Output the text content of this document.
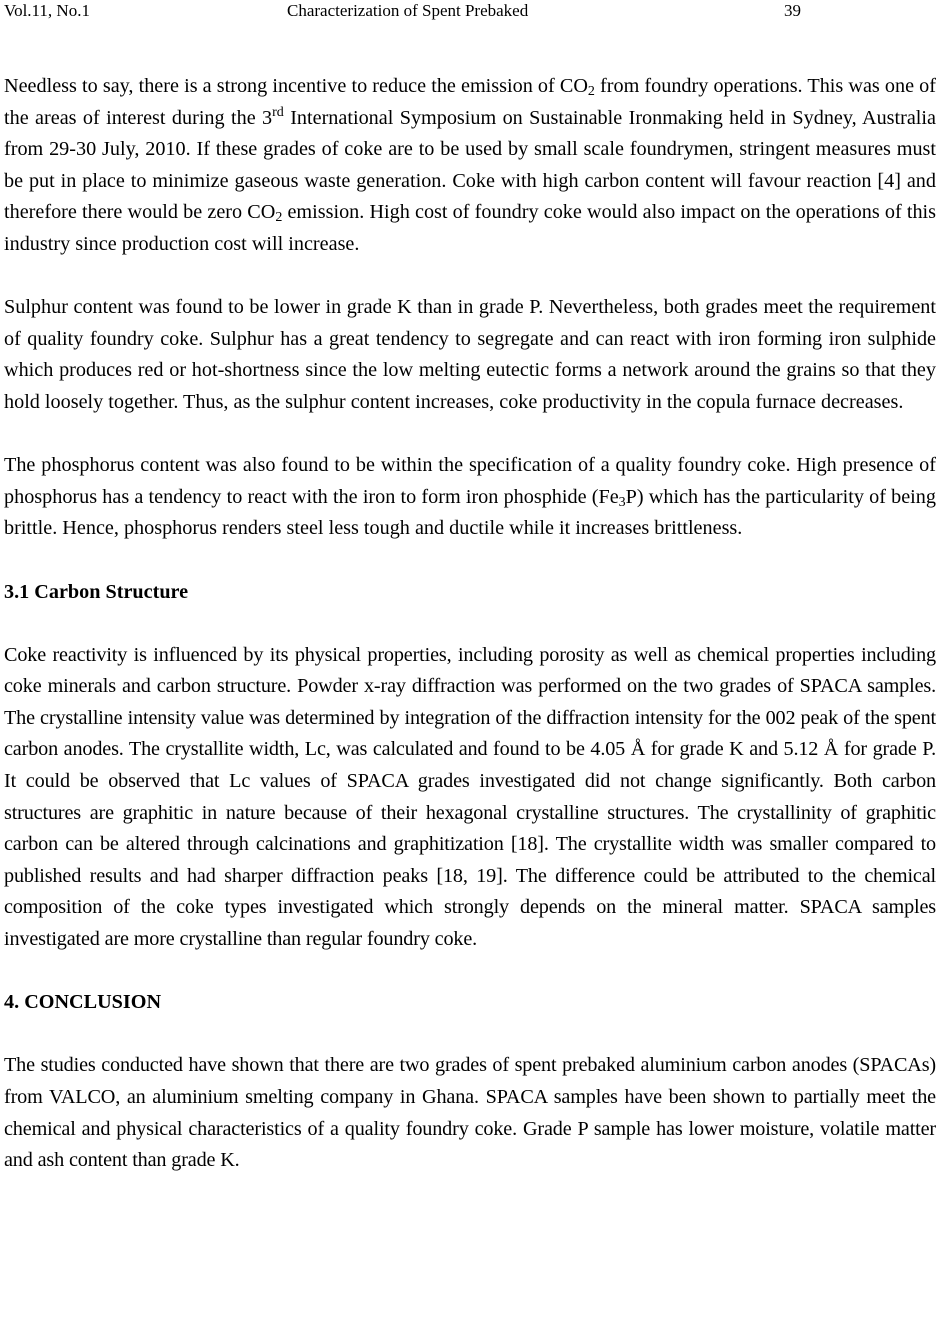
Vol.11, No.1	Characterization of Spent Prebaked	39

Needless to say, there is a strong incentive to reduce the emission of $CO_2$ from foundry operations. This was one of the areas of interest during the 3rd International Symposium on Sustainable Ironmaking held in Sydney, Australia from 29-30 July, 2010. If these grades of coke are to be used by small scale foundrymen, stringent measures must be put in place to minimize gaseous waste generation. Coke with high carbon content will favour reaction [4] and therefore there would be zero $CO_2$ emission. High cost of foundry coke would also impact on the operations of this industry since production cost will increase.

Sulphur content was found to be lower in grade K than in grade P. Nevertheless, both grades meet the requirement of quality foundry coke. Sulphur has a great tendency to segregate and can react with iron forming iron sulphide which produces red or hot-shortness since the low melting eutectic forms a network around the grains so that they hold loosely together. Thus, as the sulphur content increases, coke productivity in the copula furnace decreases.

The phosphorus content was also found to be within the specification of a quality foundry coke. High presence of phosphorus has a tendency to react with the iron to form iron phosphide $(Fe_3P)$ which has the particularity of being brittle. Hence, phosphorus renders steel less tough and ductile while it increases brittleness.

3.1 Carbon Structure

Coke reactivity is influenced by its physical properties, including porosity as well as chemical properties including coke minerals and carbon structure. Powder x-ray diffraction was performed on the two grades of SPACA samples. The crystalline intensity value was determined by integration of the diffraction intensity for the 002 peak of the spent carbon anodes. The crystallite width, Lc, was calculated and found to be 4.05 Å for grade K and 5.12 Å for grade P. It could be observed that Lc values of SPACA grades investigated did not change significantly. Both carbon structures are graphitic in nature because of their hexagonal crystalline structures. The crystallinity of graphitic carbon can be altered through calcinations and graphitization [18]. The crystallite width was smaller compared to published results and had sharper diffraction peaks [18, 19]. The difference could be attributed to the chemical composition of the coke types investigated which strongly depends on the mineral matter. SPACA samples investigated are more crystalline than regular foundry coke.

4. CONCLUSION

The studies conducted have shown that there are two grades of spent prebaked aluminium carbon anodes (SPACAs) from VALCO, an aluminium smelting company in Ghana. SPACA samples have been shown to partially meet the chemical and physical characteristics of a quality foundry coke. Grade P sample has lower moisture, volatile matter and ash content than grade K.
